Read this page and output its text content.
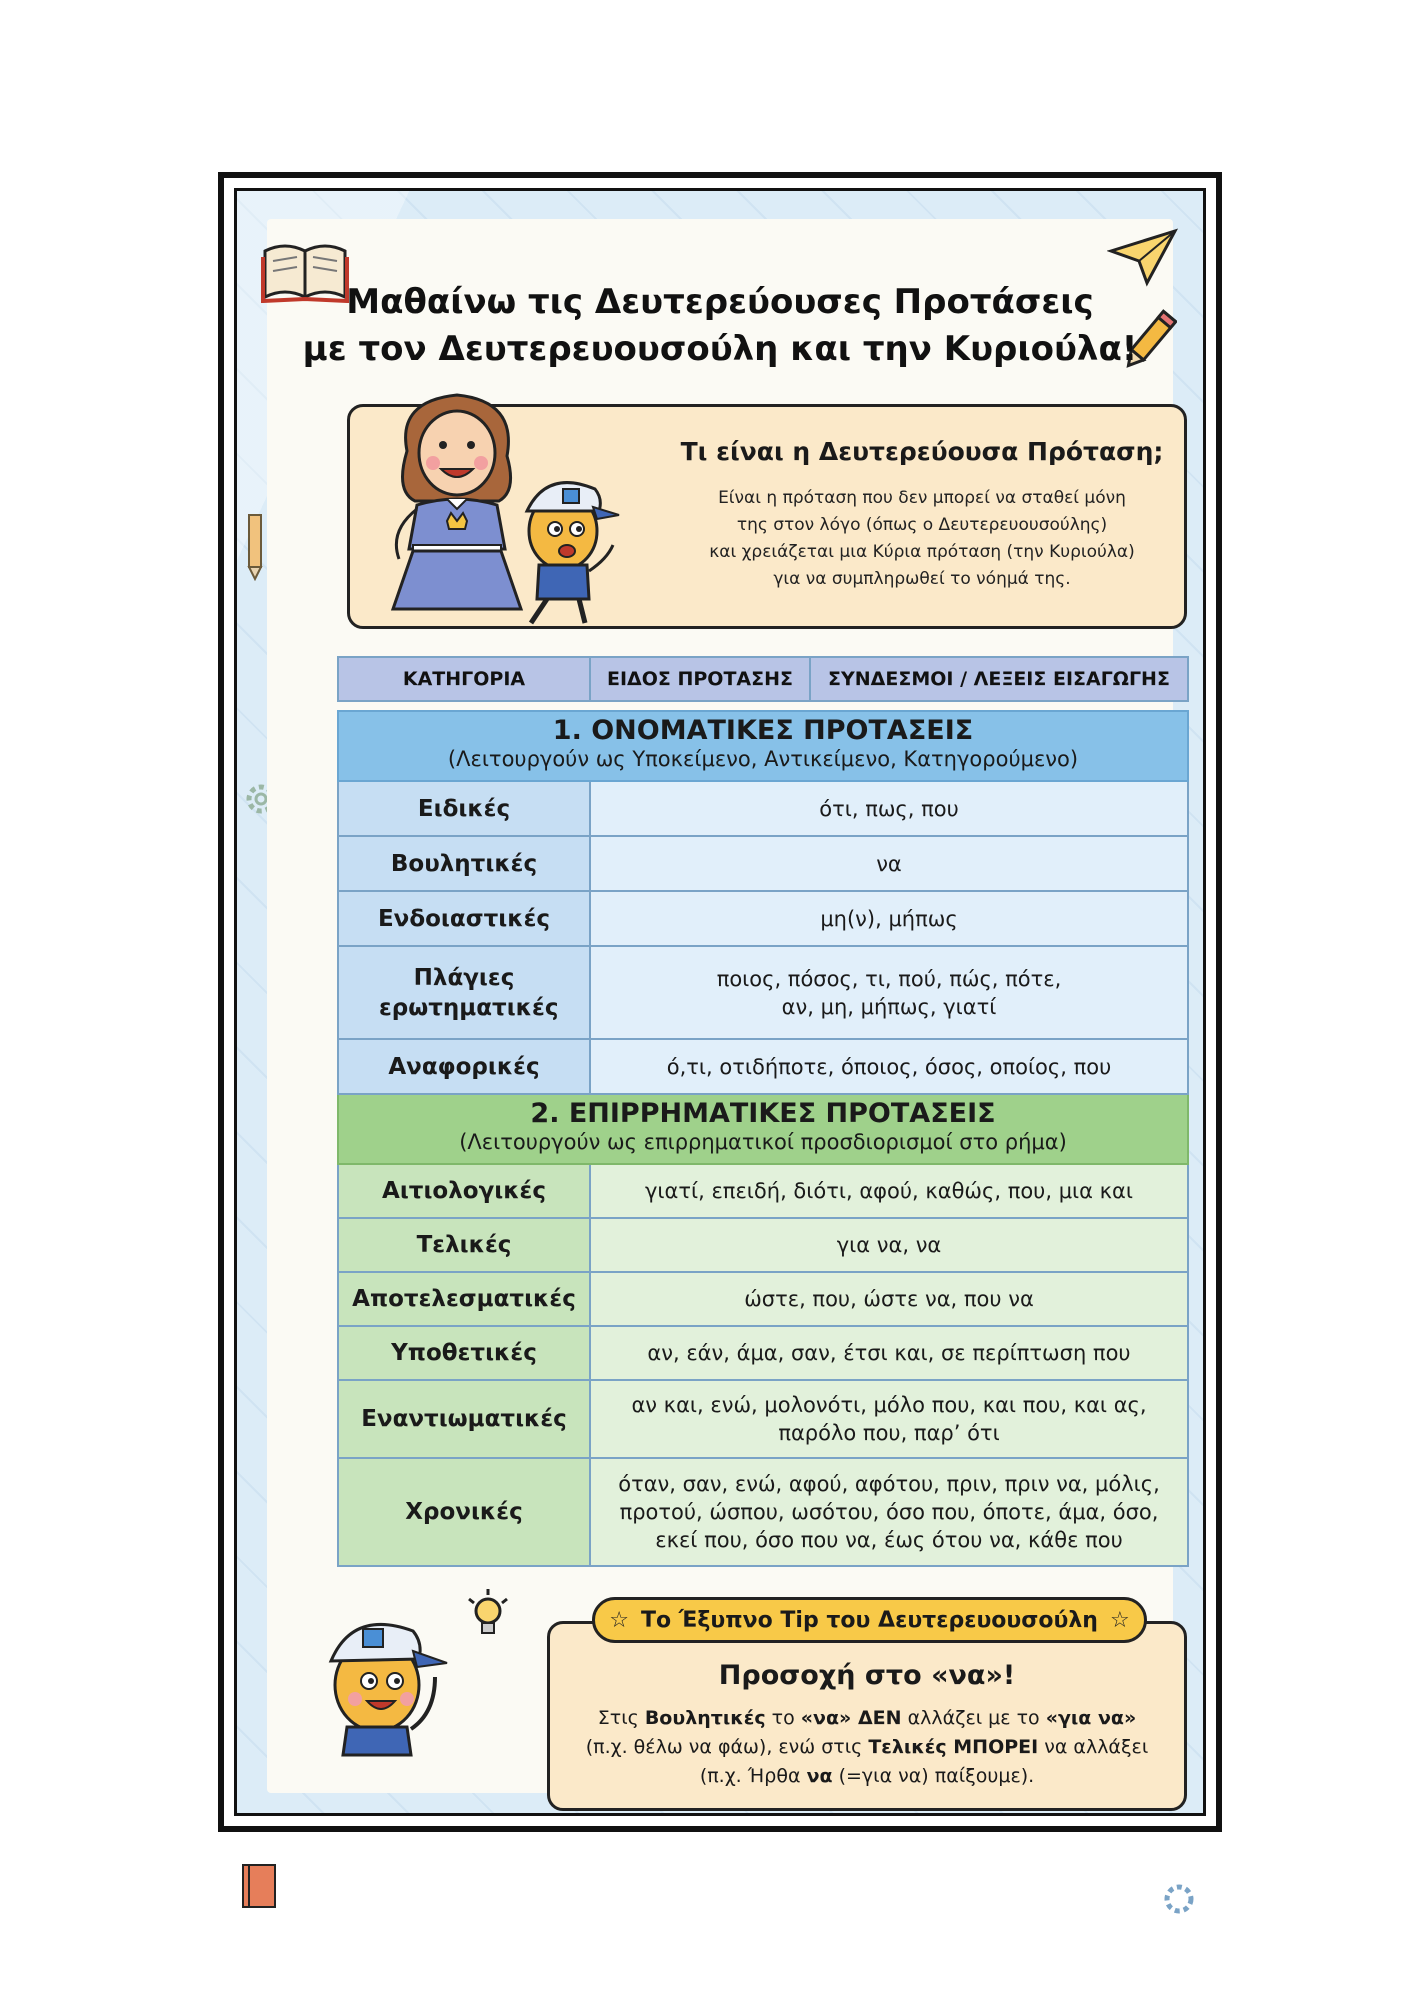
Μαθαίνω τις Δευτερεύουσες Προτάσεις
με τον Δευτερευουσούλη και την Κυριούλα!
Τι είναι η Δευτερεύουσα Πρόταση;
Είναι η πρόταση που δεν μπορεί να σταθεί μόνη
της στον λόγο (όπως ο Δευτερευουσούλης)
και χρειάζεται μια Κύρια πρόταση (την Κυριούλα)
για να συμπληρωθεί το νόημά της.
ΚΑΤΗΓΟΡΙΑ	ΕΙΔΟΣ ΠΡΟΤΑΣΗΣ	ΣΥΝΔΕΣΜΟΙ / ΛΕΞΕΙΣ ΕΙΣΑΓΩΓΗΣ

1. ΟΝΟΜΑΤΙΚΕΣ ΠΡΟΤΑΣΕΙΣ
(Λειτουργούν ως Υποκείμενο, Αντικείμενο, Κατηγορούμενο)		
Ειδικές	ότι, πως, που	
Βουλητικές	να	
Ενδοιαστικές	μη(ν), μήπως	
Πλάγιες ερωτηματικές	ποιος, πόσος, τι, πού, πώς, πότε, αν, μη, μήπως, γιατί	
Αναφορικές	ό,τι, οτιδήποτε, όποιος, όσος, οποίος, που	

2. ΕΠΙΡΡΗΜΑΤΙΚΕΣ ΠΡΟΤΑΣΕΙΣ
(Λειτουργούν ως επιρρηματικοί προσδιορισμοί στο ρήμα)		
Αιτιολογικές	γιατί, επειδή, διότι, αφού, καθώς, που, μια και	
Τελικές	για να, να	
Αποτελεσματικές	ώστε, που, ώστε να, που να	
Υποθετικές	αν, εάν, άμα, σαν, έτσι και, σε περίπτωση που	
Εναντιωματικές	αν και, ενώ, μολονότι, μόλο που, και που, και ας, παρόλο που, παρ’ ότι	
Χρονικές	όταν, σαν, ενώ, αφού, αφότου, πριν, πριν να, μόλις, προτού, ώσπου, ωσότου, όσο που, όποτε, άμα, όσο, εκεί που, όσο που να, έως ότου να, κάθε που	
Προσοχή στο «να»!
Στις Βουλητικές το «να» ΔΕΝ αλλάζει με το «για να»
(π.χ. θέλω να φάω), ενώ στις Τελικές ΜΠΟΡΕΙ να αλλάξει
(π.χ. Ήρθα να (=για να) παίξουμε).
☆ Το Έξυπνο Tip του Δευτερευουσούλη ☆
